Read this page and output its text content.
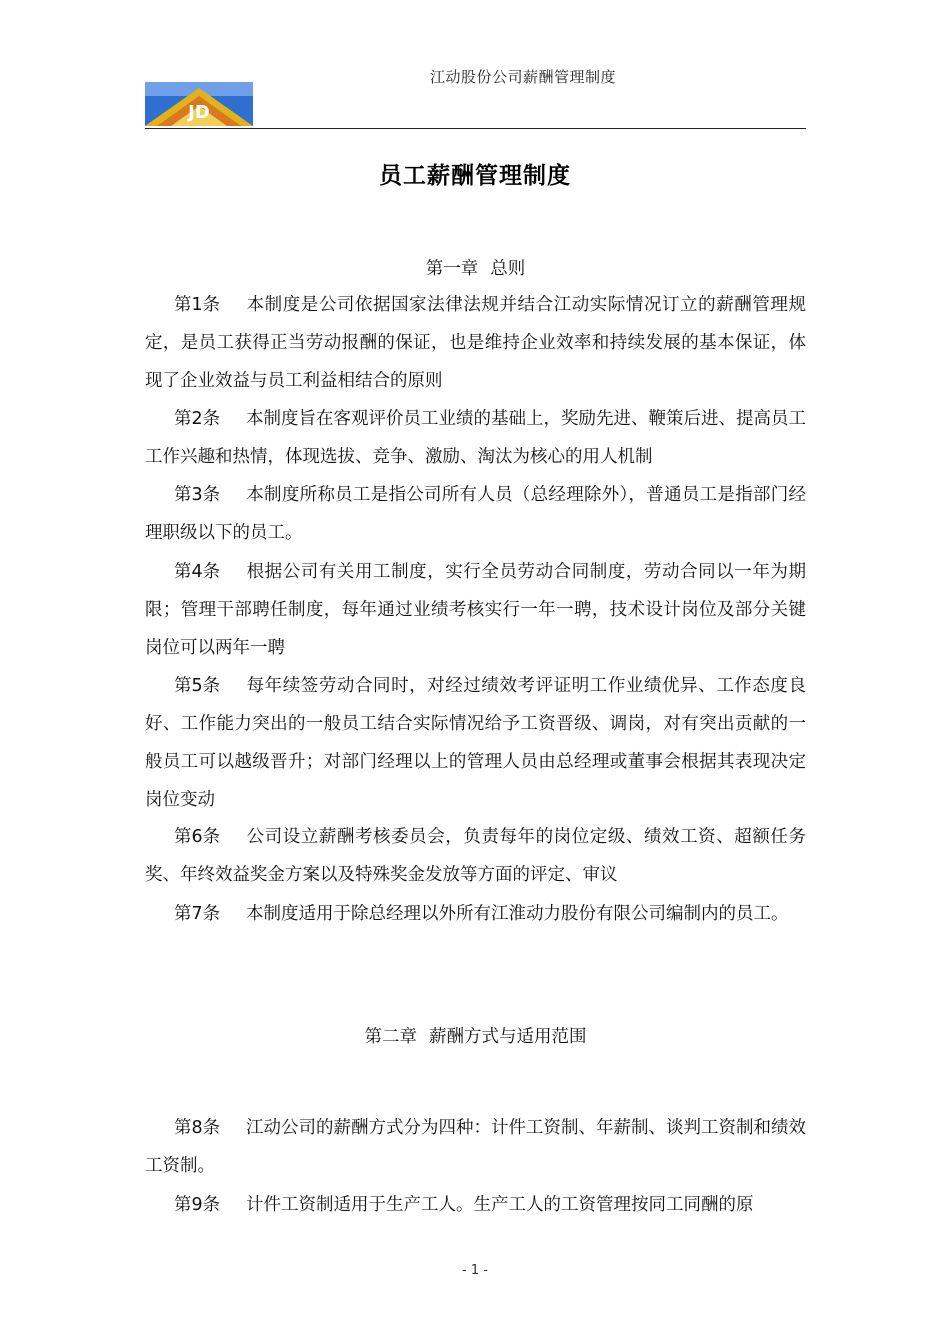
JD
江动股份公司薪酬管理制度
员工薪酬管理制度
第一章 总则
第1条 本制度是公司依据国家法律法规并结合江动实际情况订立的薪酬管理规定，是员工获得正当劳动报酬的保证，也是维持企业效率和持续发展的基本保证，体现了企业效益与员工利益相结合的原则
第2条 本制度旨在客观评价员工业绩的基础上，奖励先进、鞭策后进、提高员工工作兴趣和热情，体现选拔、竞争、激励、淘汰为核心的用人机制
第3条 本制度所称员工是指公司所有人员（总经理除外），普通员工是指部门经理职级以下的员工。
第4条 根据公司有关用工制度，实行全员劳动合同制度，劳动合同以一年为期限；管理干部聘任制度，每年通过业绩考核实行一年一聘，技术设计岗位及部分关键岗位可以两年一聘
第5条 每年续签劳动合同时，对经过绩效考评证明工作业绩优异、工作态度良好、工作能力突出的一般员工结合实际情况给予工资晋级、调岗，对有突出贡献的一般员工可以越级晋升；对部门经理以上的管理人员由总经理或董事会根据其表现决定岗位变动
第6条 公司设立薪酬考核委员会，负责每年的岗位定级、绩效工资、超额任务奖、年终效益奖金方案以及特殊奖金发放等方面的评定、审议
第7条 本制度适用于除总经理以外所有江淮动力股份有限公司编制内的员工。
第二章 薪酬方式与适用范围
第8条 江动公司的薪酬方式分为四种：计件工资制、年薪制、谈判工资制和绩效工资制。
第9条 计件工资制适用于生产工人。生产工人的工资管理按同工同酬的原
- 1 -
